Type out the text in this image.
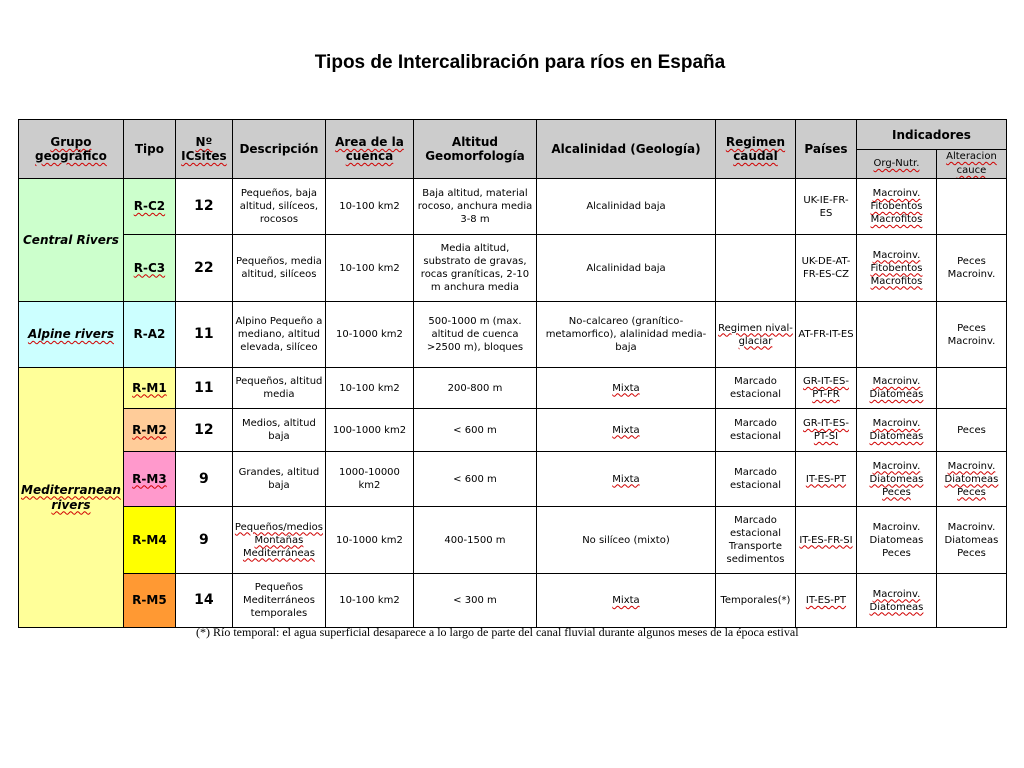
Tipos de Intercalibración para ríos en España
Grupo geográfico	Tipo	Nº ICsites	Descripción	Area de la cuenca	Altitud Geomorfología	Alcalinidad (Geología)	Regimen caudal	Países	Indicadores	
									Org-Nutr.	Alteracion cauce
Central Rivers	R-C2	12	Pequeños, baja altitud, silíceos, rocosos	10-100 km2	Baja altitud, material rocoso, anchura media 3-8 m	Alcalinidad baja		UK-IE-FR-ES	Macroinv. Fitobentos Macrofitos	
	R-C3	22	Pequeños, media altitud, silíceos	10-100 km2	Media altitud, substrato de gravas, rocas graníticas, 2-10 m anchura media	Alcalinidad baja		UK-DE-AT-FR-ES-CZ	Macroinv. Fitobentos Macrofitos	Peces Macroinv.
Alpine rivers	R-A2	11	Alpino Pequeño a mediano, altitud elevada, silíceo	10-1000 km2	500-1000 m (max. altitud de cuenca >2500 m), bloques	No-calcareo (granítico-metamorfico), alalinidad media-baja	Regimen nival-glaciar	AT-FR-IT-ES		Peces Macroinv.
Mediterranean rivers	R-M1	11	Pequeños, altitud media	10-100 km2	200-800 m	Mixta	Marcado estacional	GR-IT-ES-PT-FR	Macroinv. Diatomeas	
	R-M2	12	Medios, altitud baja	100-1000 km2	< 600 m	Mixta	Marcado estacional	GR-IT-ES-PT-SI	Macroinv. Diatomeas	Peces
	R-M3	9	Grandes, altitud baja	1000-10000 km2	< 600 m	Mixta	Marcado estacional	IT-ES-PT	Macroinv. Diatomeas Peces	Macroinv. Diatomeas Peces
	R-M4	9	Pequeños/medios Montañas Mediterráneas	10-1000 km2	400-1500 m	No silíceo (mixto)	Marcado estacional Transporte sedimentos	IT-ES-FR-SI	Macroinv. Diatomeas Peces	Macroinv. Diatomeas Peces
	R-M5	14	Pequeños Mediterráneos temporales	10-100 km2	< 300 m	Mixta	Temporales(*)	IT-ES-PT	Macroinv. Diatomeas	
(*) Río temporal: el agua superficial desaparece a lo largo de parte del canal fluvial durante algunos meses de la época estival
